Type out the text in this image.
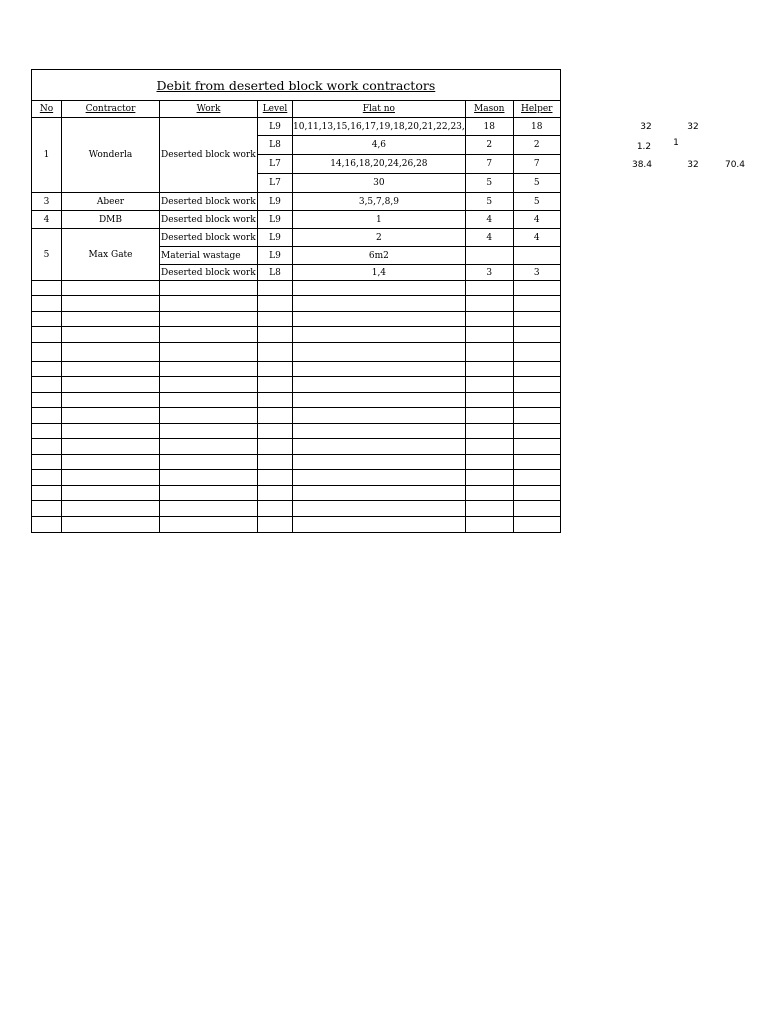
Debit from deserted block work contractors						
No	Contractor	Work	Level	Flat no	Mason	Helper
1	Wonderla	Deserted block work	L9	10,11,13,15,16,17,19,18,20,21,22,23,	18	18
			L8	4,6	2	2
			L7	14,16,18,20,24,26,28	7	7
			L7	30	5	5
3	Abeer	Deserted block work	L9	3,5,7,8,9	5	5
4	DMB	Deserted block work	L9	1	4	4
5	Max Gate	Deserted block work	L9	2	4	4
		Material wastage	L9	6m2		
		Deserted block work	L8	1,4	3	3

32	32
1.2 1
38.4	32	70.4
